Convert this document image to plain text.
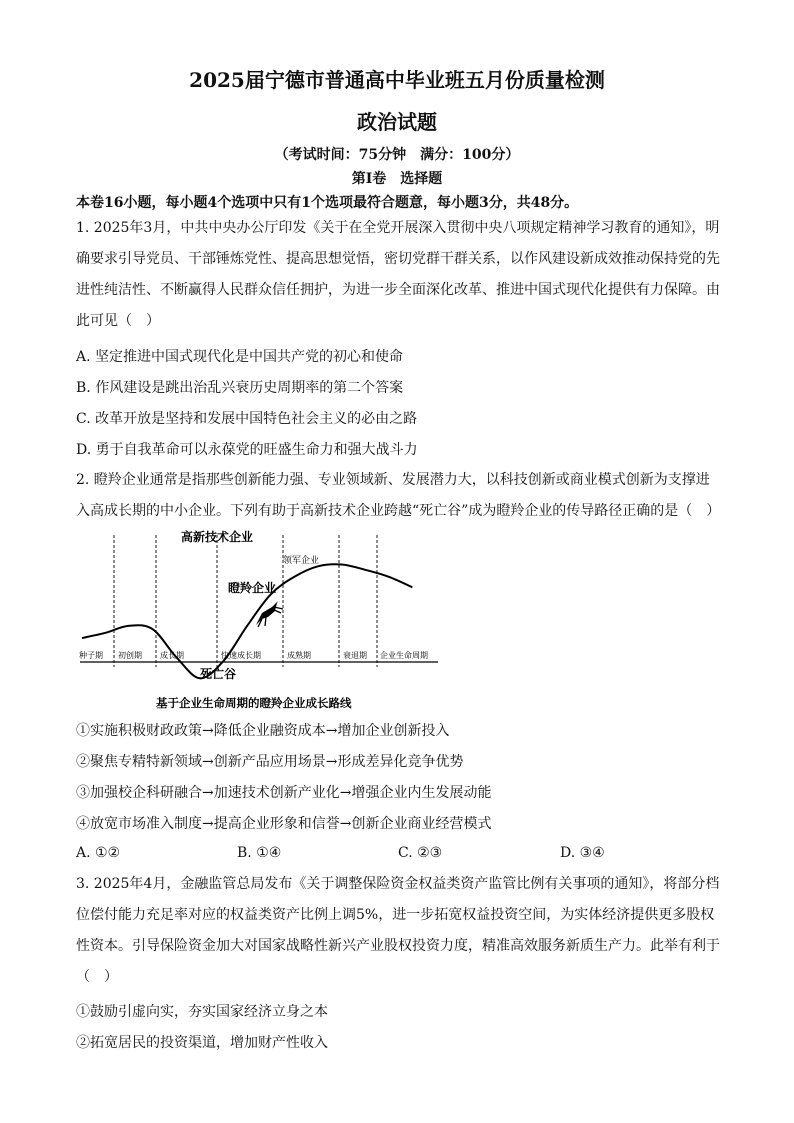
2025届宁德市普通高中毕业班五月份质量检测
政治试题
（考试时间：75分钟　满分：100分）
第Ⅰ卷　选择题
本卷16小题，每小题4个选项中只有1个选项最符合题意，每小题3分，共48分。

1. 2025年3月，中共中央办公厅印发《关于在全党开展深入贯彻中央八项规定精神学习教育的通知》，明确要求引导党员、干部锤炼党性、提高思想觉悟，密切党群干群关系，以作风建设新成效推动保持党的先进性纯洁性、不断赢得人民群众信任拥护，为进一步全面深化改革、推进中国式现代化提供有力保障。由此可见（　）

A. 坚定推进中国式现代化是中国共产党的初心和使命
B. 作风建设是跳出治乱兴衰历史周期率的第二个答案
C. 改革开放是坚持和发展中国特色社会主义的必由之路
D. 勇于自我革命可以永葆党的旺盛生命力和强大战斗力

2. 瞪羚企业通常是指那些创新能力强、专业领域新、发展潜力大，以科技创新或商业模式创新为支撑进入高成长期的中小企业。下列有助于高新技术企业跨越“死亡谷”成为瞪羚企业的传导路径正确的是（　）

高新技术企业
领军企业
瞪羚企业
死亡谷
种子期 初创期 成长期	快速成长期	成熟期	衰退期 企业生命周期
基于企业生命周期的瞪羚企业成长路线
①实施积极财政政策→降低企业融资成本→增加企业创新投入
②聚焦专精特新领域→创新产品应用场景→形成差异化竞争优势
③加强校企科研融合→加速技术创新产业化→增强企业内生发展动能
④放宽市场准入制度→提高企业形象和信誉→创新企业商业经营模式
A. ①②	B. ①④	C. ②③	D. ③④

3. 2025年4月，金融监管总局发布《关于调整保险资金权益类资产监管比例有关事项的通知》，将部分档位偿付能力充足率对应的权益类资产比例上调5%，进一步拓宽权益投资空间，为实体经济提供更多股权性资本。引导保险资金加大对国家战略性新兴产业股权投资力度，精准高效服务新质生产力。此举有利于（　）

①鼓励引虚向实，夯实国家经济立身之本
②拓宽居民的投资渠道，增加财产性收入
